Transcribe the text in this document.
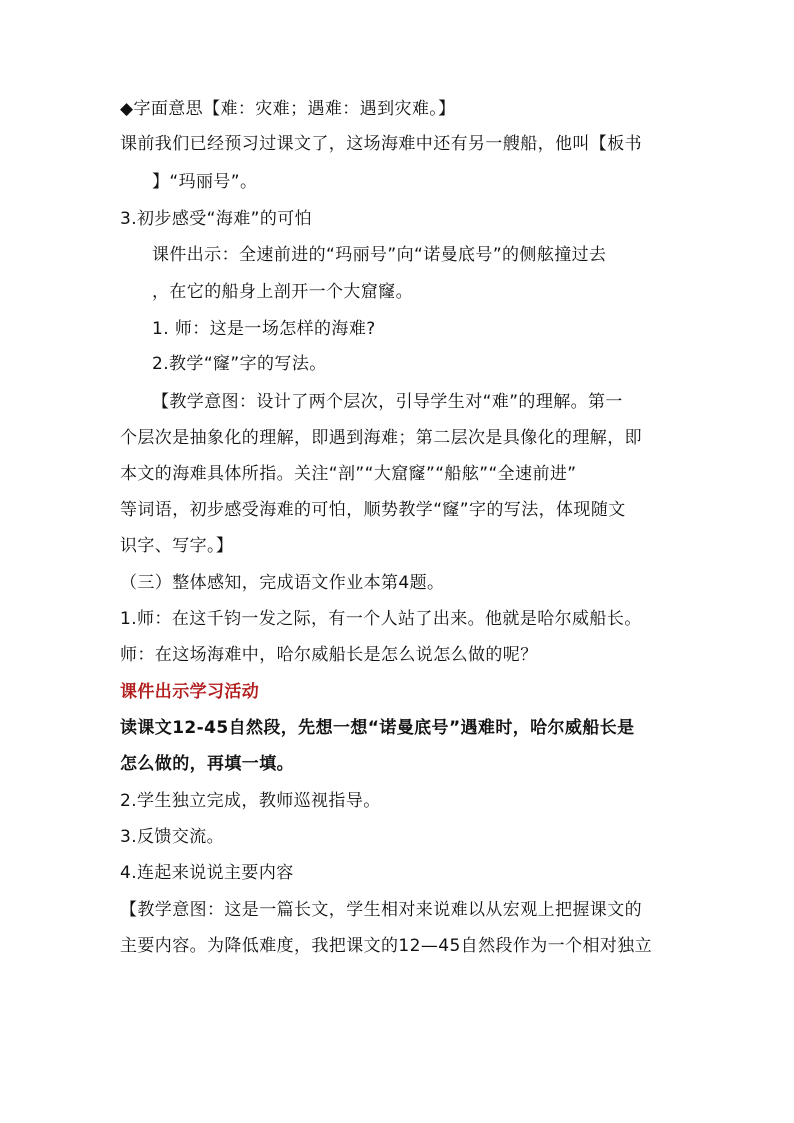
◆字面意思【难：灾难；遇难：遇到灾难。】
课前我们已经预习过课文了，这场海难中还有另一艘船，他叫【板书
】“玛丽号”。
3.初步感受“海难”的可怕
课件出示：全速前进的“玛丽号”向“诺曼底号”的侧舷撞过去
，在它的船身上剖开一个大窟窿。
1. 师：这是一场怎样的海难?
2.教学“窿”字的写法。
【教学意图：设计了两个层次，引导学生对“难”的理解。第一
个层次是抽象化的理解，即遇到海难；第二层次是具像化的理解，即
本文的海难具体所指。关注“剖”“大窟窿”“船舷”“全速前进”
等词语，初步感受海难的可怕，顺势教学“窿”字的写法，体现随文
识字、写字。】
（三）整体感知，完成语文作业本第4题。
1.师：在这千钧一发之际，有一个人站了出来。他就是哈尔威船长。
师：在这场海难中，哈尔威船长是怎么说怎么做的呢？
课件出示学习活动
读课文12-45自然段，先想一想“诺曼底号”遇难时，哈尔威船长是
怎么做的，再填一填。
2.学生独立完成，教师巡视指导。
3.反馈交流。
4.连起来说说主要内容
【教学意图：这是一篇长文，学生相对来说难以从宏观上把握课文的
主要内容。为降低难度，我把课文的12—45自然段作为一个相对独立
